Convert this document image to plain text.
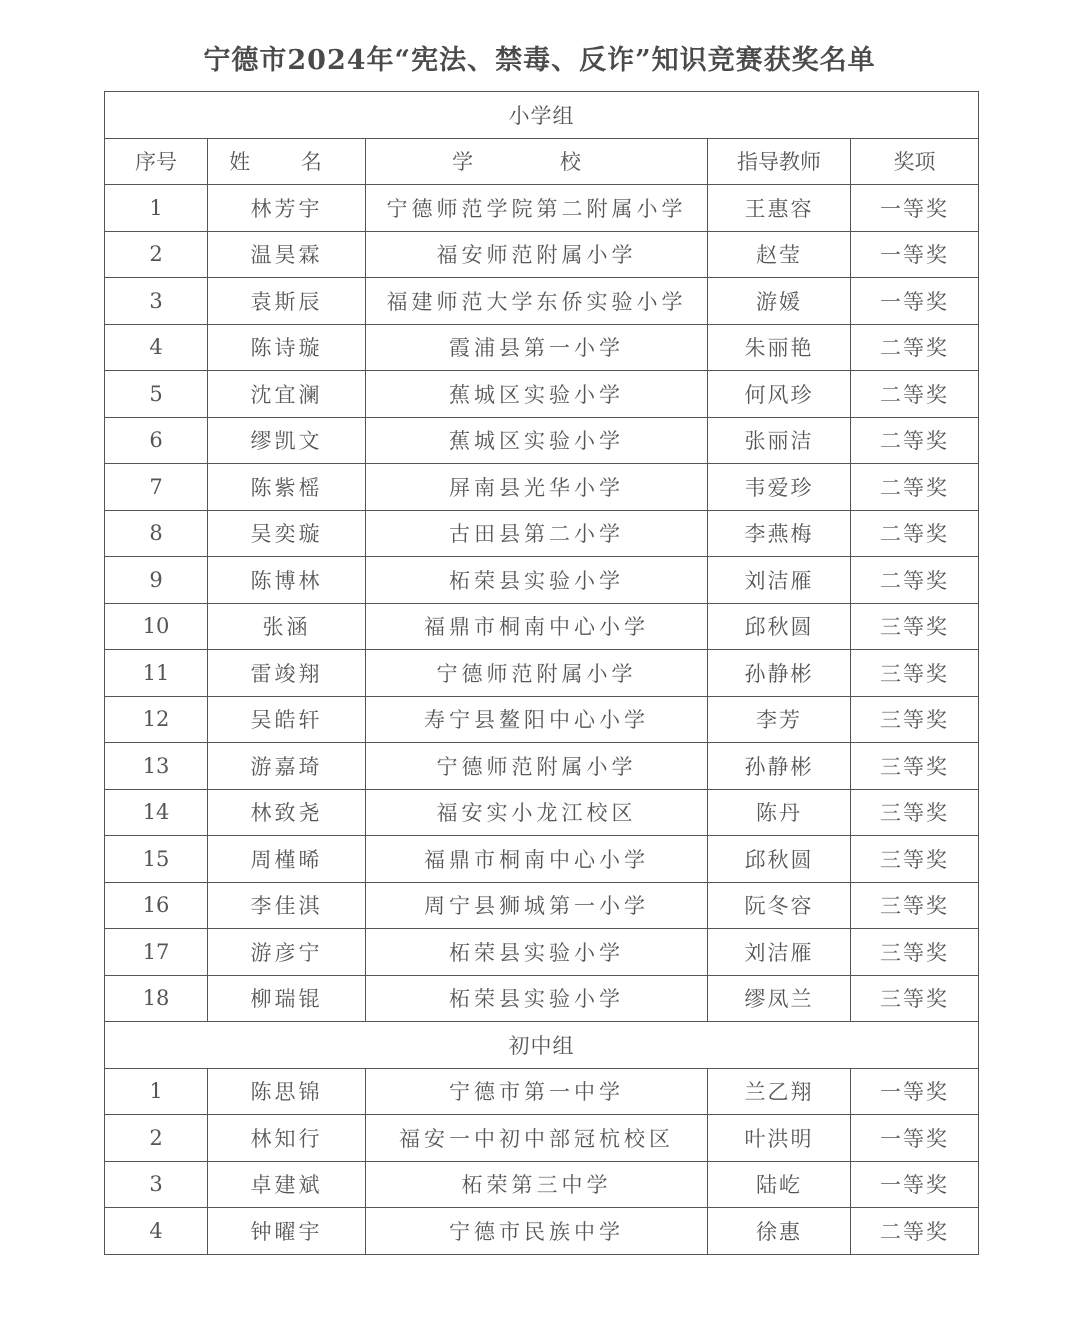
宁德市2024年“宪法、禁毒、反诈”知识竞赛获奖名单
小学组				
序号	姓 名	学 校	指导教师	奖项
1	林芳宇	宁德师范学院第二附属小学	王惠容	一等奖
2	温昊霖	福安师范附属小学	赵莹	一等奖
3	袁斯辰	福建师范大学东侨实验小学	游媛	一等奖
4	陈诗璇	霞浦县第一小学	朱丽艳	二等奖
5	沈宜澜	蕉城区实验小学	何风珍	二等奖
6	缪凯文	蕉城区实验小学	张丽洁	二等奖
7	陈紫榣	屏南县光华小学	韦爱珍	二等奖
8	吴奕璇	古田县第二小学	李燕梅	二等奖
9	陈博林	柘荣县实验小学	刘洁雁	二等奖
10	张涵	福鼎市桐南中心小学	邱秋圆	三等奖
11	雷竣翔	宁德师范附属小学	孙静彬	三等奖
12	吴皓轩	寿宁县鳌阳中心小学	李芳	三等奖
13	游嘉琦	宁德师范附属小学	孙静彬	三等奖
14	林致尧	福安实小龙江校区	陈丹	三等奖
15	周槿晞	福鼎市桐南中心小学	邱秋圆	三等奖
16	李佳淇	周宁县狮城第一小学	阮冬容	三等奖
17	游彦宁	柘荣县实验小学	刘洁雁	三等奖
18	柳瑞锟	柘荣县实验小学	缪凤兰	三等奖
初中组				
1	陈思锦	宁德市第一中学	兰乙翔	一等奖
2	林知行	福安一中初中部冠杭校区	叶洪明	一等奖
3	卓建斌	柘荣第三中学	陆屹	一等奖
4	钟曜宇	宁德市民族中学	徐惠	二等奖
